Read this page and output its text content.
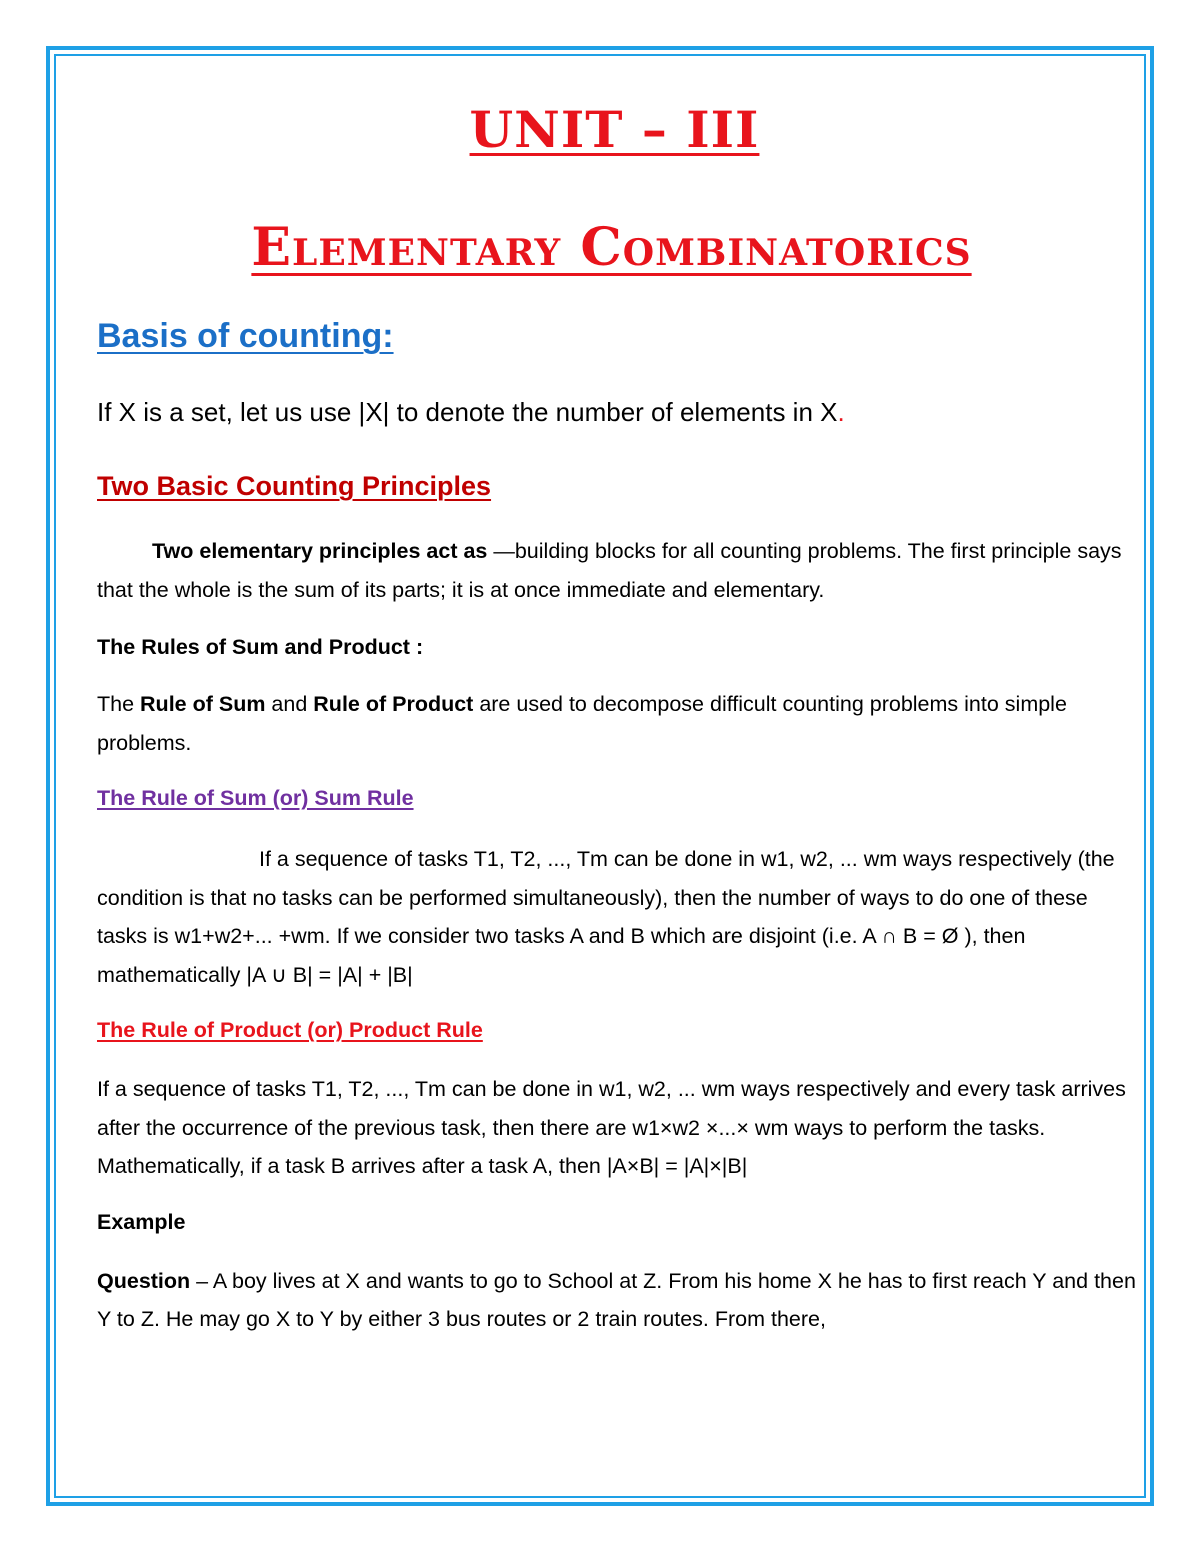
UNIT – III
Elementary Combinatorics
Basis of counting:

If X is a set, let us use |X| to denote the number of elements in X.

Two Basic Counting Principles

Two elementary principles act as ―building blocks for all counting problems. The first principle says that the whole is the sum of its parts; it is at once immediate and elementary.

The Rules of Sum and Product :

The Rule of Sum and Rule of Product are used to decompose difficult counting problems into simple problems.

The Rule of Sum (or) Sum Rule

If a sequence of tasks T1, T2, ..., Tm can be done in w1, w2, ... wm ways respectively (the condition is that no tasks can be performed simultaneously), then the number of ways to do one of these tasks is w1+w2+... +wm. If we consider two tasks A and B which are disjoint (i.e. A ∩ B = Ø ), then mathematically |A ∪ B| = |A| + |B|

The Rule of Product (or) Product Rule

If a sequence of tasks T1, T2, ..., Tm can be done in w1, w2, ... wm ways respectively and every task arrives after the occurrence of the previous task, then there are w1×w2 ×...× wm ways to perform the tasks. Mathematically, if a task B arrives after a task A, then |A×B| = |A|×|B|

Example

Question – A boy lives at X and wants to go to School at Z. From his home X he has to first reach Y and then Y to Z. He may go X to Y by either 3 bus routes or 2 train routes. From there,
